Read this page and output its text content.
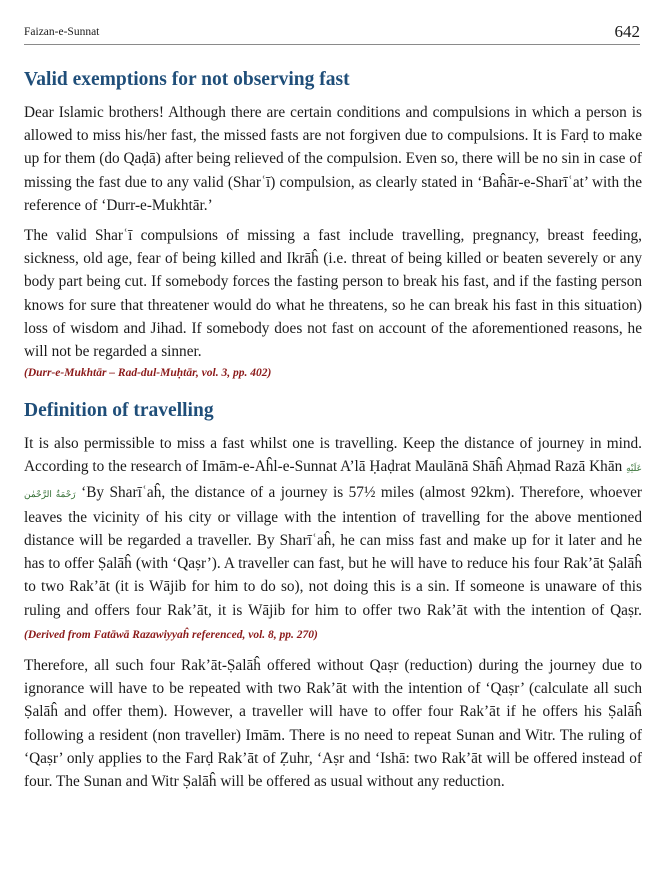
Faizan-e-Sunnat	642
Valid exemptions for not observing fast

Dear Islamic brothers! Although there are certain conditions and compulsions in which a person is allowed to miss his/her fast, the missed fasts are not forgiven due to compulsions. It is Farḍ to make up for them (do Qaḍā) after being relieved of the compulsion. Even so, there will be no sin in case of missing the fast due to any valid (Sharʿī) compulsion, as clearly stated in ‘Baĥār-e-Sharīʿat’ with the reference of ‘Durr-e-Mukhtār.’

The valid Sharʿī compulsions of missing a fast include travelling, pregnancy, breast feeding, sickness, old age, fear of being killed and Ikrāĥ (i.e. threat of being killed or beaten severely or any body part being cut. If somebody forces the fasting person to break his fast, and if the fasting person knows for sure that threatener would do what he threatens, so he can break his fast in this situation) loss of wisdom and Jihad. If somebody does not fast on account of the aforementioned reasons, he will not be regarded a sinner.

(Durr-e-Mukhtār – Rad-dul-Muḥtār, vol. 3, pp. 402)
Definition of travelling

It is also permissible to miss a fast whilst one is travelling. Keep the distance of journey in mind. According to the research of Imām-e-Aĥl-e-Sunnat A’lā Ḥaḍrat Maulānā Shāĥ Aḥmad Razā Khān عَلَيْهِ رَحْمَةُ الرَّحْمٰن ‘By Sharīʿaĥ, the distance of a journey is 57½ miles (almost 92km). Therefore, whoever leaves the vicinity of his city or village with the intention of travelling for the above mentioned distance will be regarded a traveller. By Sharīʿaĥ, he can miss fast and make up for it later and he has to offer Ṣalāĥ (with ‘Qaṣr’). A traveller can fast, but he will have to reduce his four Rak’āt Ṣalāĥ to two Rak’āt (it is Wājib for him to do so), not doing this is a sin. If someone is unaware of this ruling and offers four Rak’āt, it is Wājib for him to offer two Rak’āt with the intention of Qaṣr. (Derived from Fatāwā Razawiyyaĥ referenced, vol. 8, pp. 270)

Therefore, all such four Rak’āt-Ṣalāĥ offered without Qaṣr (reduction) during the journey due to ignorance will have to be repeated with two Rak’āt with the intention of ‘Qaṣr’ (calculate all such Ṣalāĥ and offer them). However, a traveller will have to offer four Rak’āt if he offers his Ṣalāĥ following a resident (non traveller) Imām. There is no need to repeat Sunan and Witr. The ruling of ‘Qaṣr’ only applies to the Farḍ Rak’āt of Ẓuhr, ‘Aṣr and ‘Ishā: two Rak’āt will be offered instead of four. The Sunan and Witr Ṣalāĥ will be offered as usual without any reduction.
